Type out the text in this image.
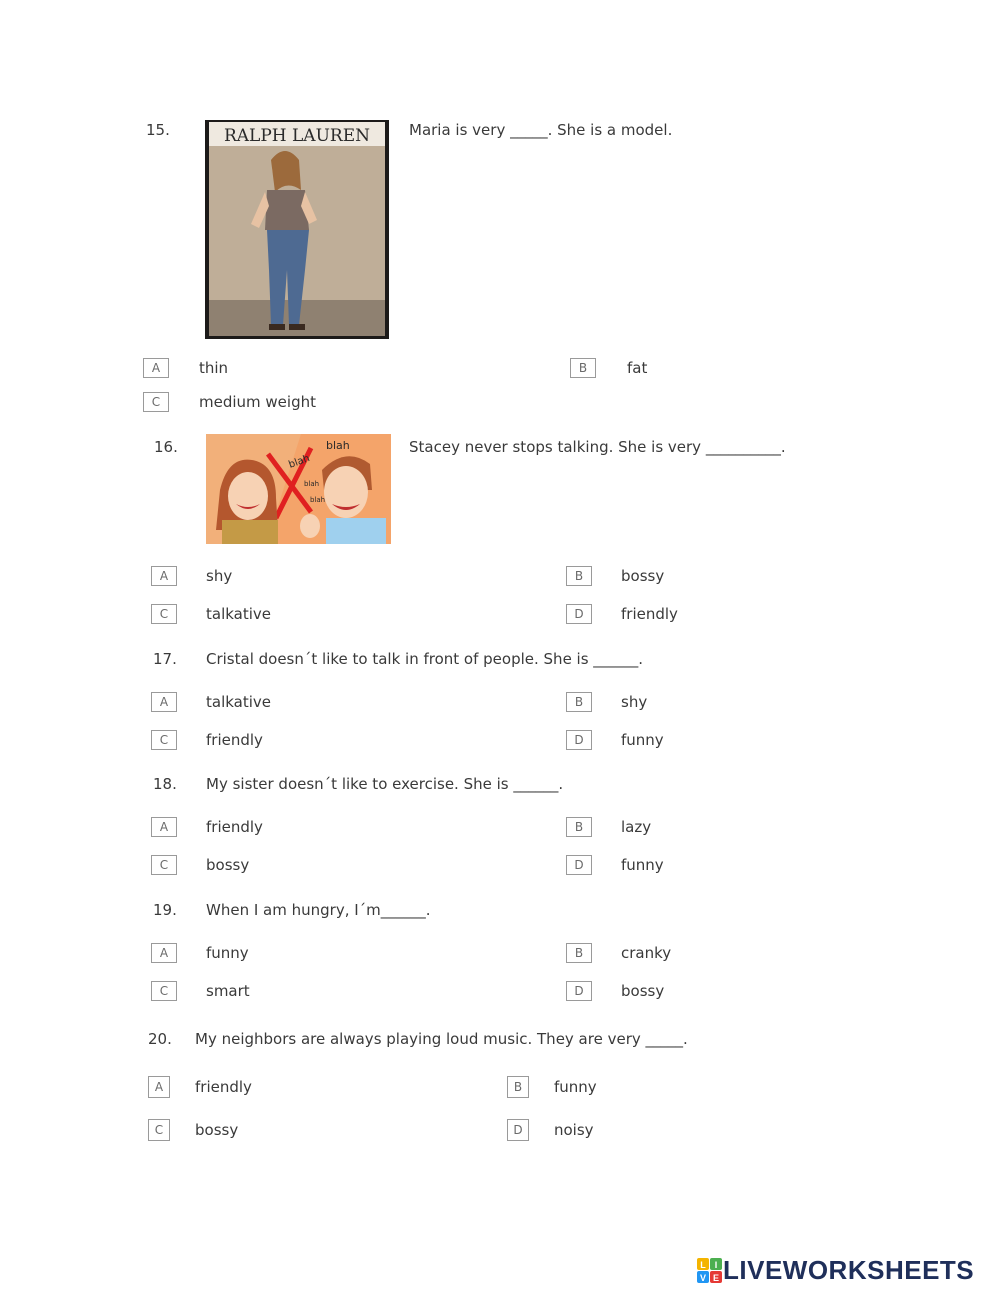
15.	RALPH LAUREN	Maria is very _____. She is a model.
A	thin	B	fat
C	medium weight
16.	blah
blah
blah
blah
Stacey never stops talking. She is very __________.
A	shy	B	bossy
C	talkative	D	friendly
17. Cristal doesn´t like to talk in front of people. She is ______.
A	talkative	B	shy
C	friendly	D	funny
18. My sister doesn´t like to exercise. She is ______.
A	friendly	B	lazy
C	bossy	D	funny
19. When I am hungry, I´m______.
A	funny	B	cranky
C	smart	D	bossy
20. My neighbors are always playing loud music. They are very _____.
A	friendly	B	funny
C	bossy	D	noisy
L I
V E LIVEWORKSHEETS
